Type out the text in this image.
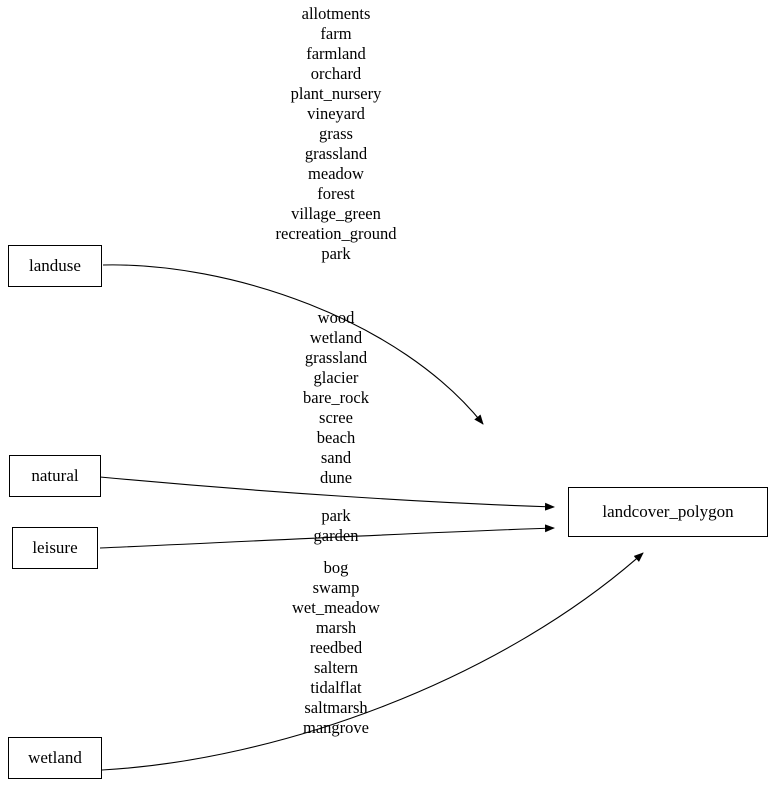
landuse
natural
leisure
wetland
landcover_polygon
allotments
farm
farmland
orchard
plant_nursery
vineyard
grass
grassland
meadow
forest
village_green
recreation_ground
park
wood
wetland
grassland
glacier
bare_rock
scree
beach
sand
dune
park
garden
bog
swamp
wet_meadow
marsh
reedbed
saltern
tidalflat
saltmarsh
mangrove
